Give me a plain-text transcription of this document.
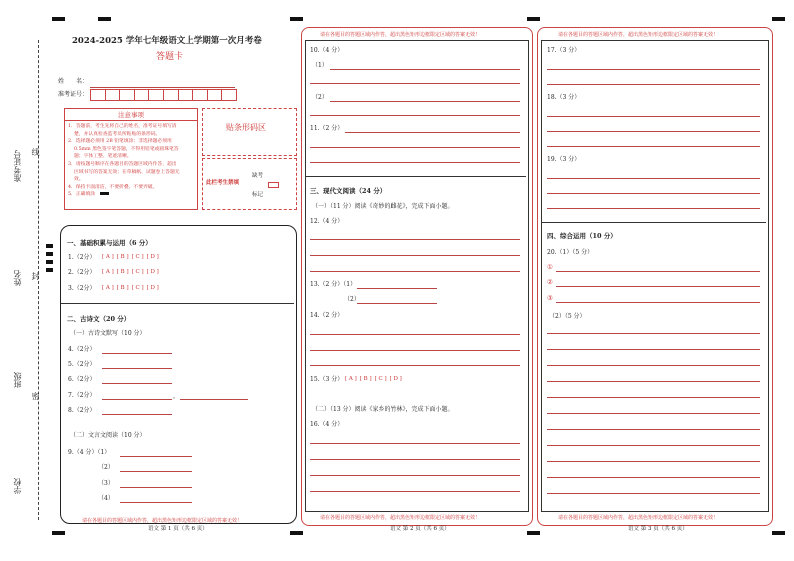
准考证号 线
姓名 封
班级
密
学校
2024-2025 学年七年级语文上学期第一次月考卷
答题卡
姓 名：
准考证号：
注意事项
1．答题前，考生先将自己的姓名，准考证号填写清
楚，并认真检查监考员所粘贴的条形码。
2．选择题必须用 2B 铅笔填涂；非选择题必须用
0.5mm 黑色签字笔答题，不得用铅笔或圆珠笔答
题；字体工整、笔迹清晰。
3．请按题号顺序在各题目的答题区域内作答，超出
区域书写的答案无效；在草稿纸、试题卷上答题无
效。
4．保持卡面清洁，不要折叠、不要弄破。
5．正确填涂
贴条形码区
此栏考生禁填
缺考
标记
一、基础积累与运用（6 分）
1.（2分） [ A ] [ B ] [ C ] [ D ]
2.（2分） [ A ] [ B ] [ C ] [ D ]
3.（2分） [ A ] [ B ] [ C ] [ D ]
二、古诗文（20 分）
（一）古诗文默写（10 分）
4.（2分）
5.（2分）
6.（2分）
7.（2分）	，
8.（2分）
（二）文言文阅读（10 分）
9.（4 分）（1）
（2）
（3）
（4）
请在各题目的答题区域内作答，超出黑色矩形边框限定区域的答案无效！
语文 第 1 页（共 6 页）
请在各题目的答题区域内作答，超出黑色矩形边框限定区域的答案无效！
10.（4 分）
（1）
（2）
11.（2 分）
三、现代文阅读（24 分）
（一）（11 分）阅读《奇妙的雌花》，完成下面小题。
12.（4 分）
13.（2 分）（1）
（2）
14.（2 分）
15.（3 分） [ A ] [ B ] [ C ] [ D ]
（二）（13 分）阅读《家乡的竹林》，完成下面小题。
16.（4 分）
请在各题目的答题区域内作答，超出黑色矩形边框限定区域的答案无效！
语文 第 2 页（共 6 页）
请在各题目的答题区域内作答，超出黑色矩形边框限定区域的答案无效！
17.（3 分）
18.（3 分）
19.（3 分）
四、综合运用（10 分）
20.（1）（5 分）
①
②
③
（2）（5 分）
请在各题目的答题区域内作答，超出黑色矩形边框限定区域的答案无效！
语文 第 3 页（共 6 页）
